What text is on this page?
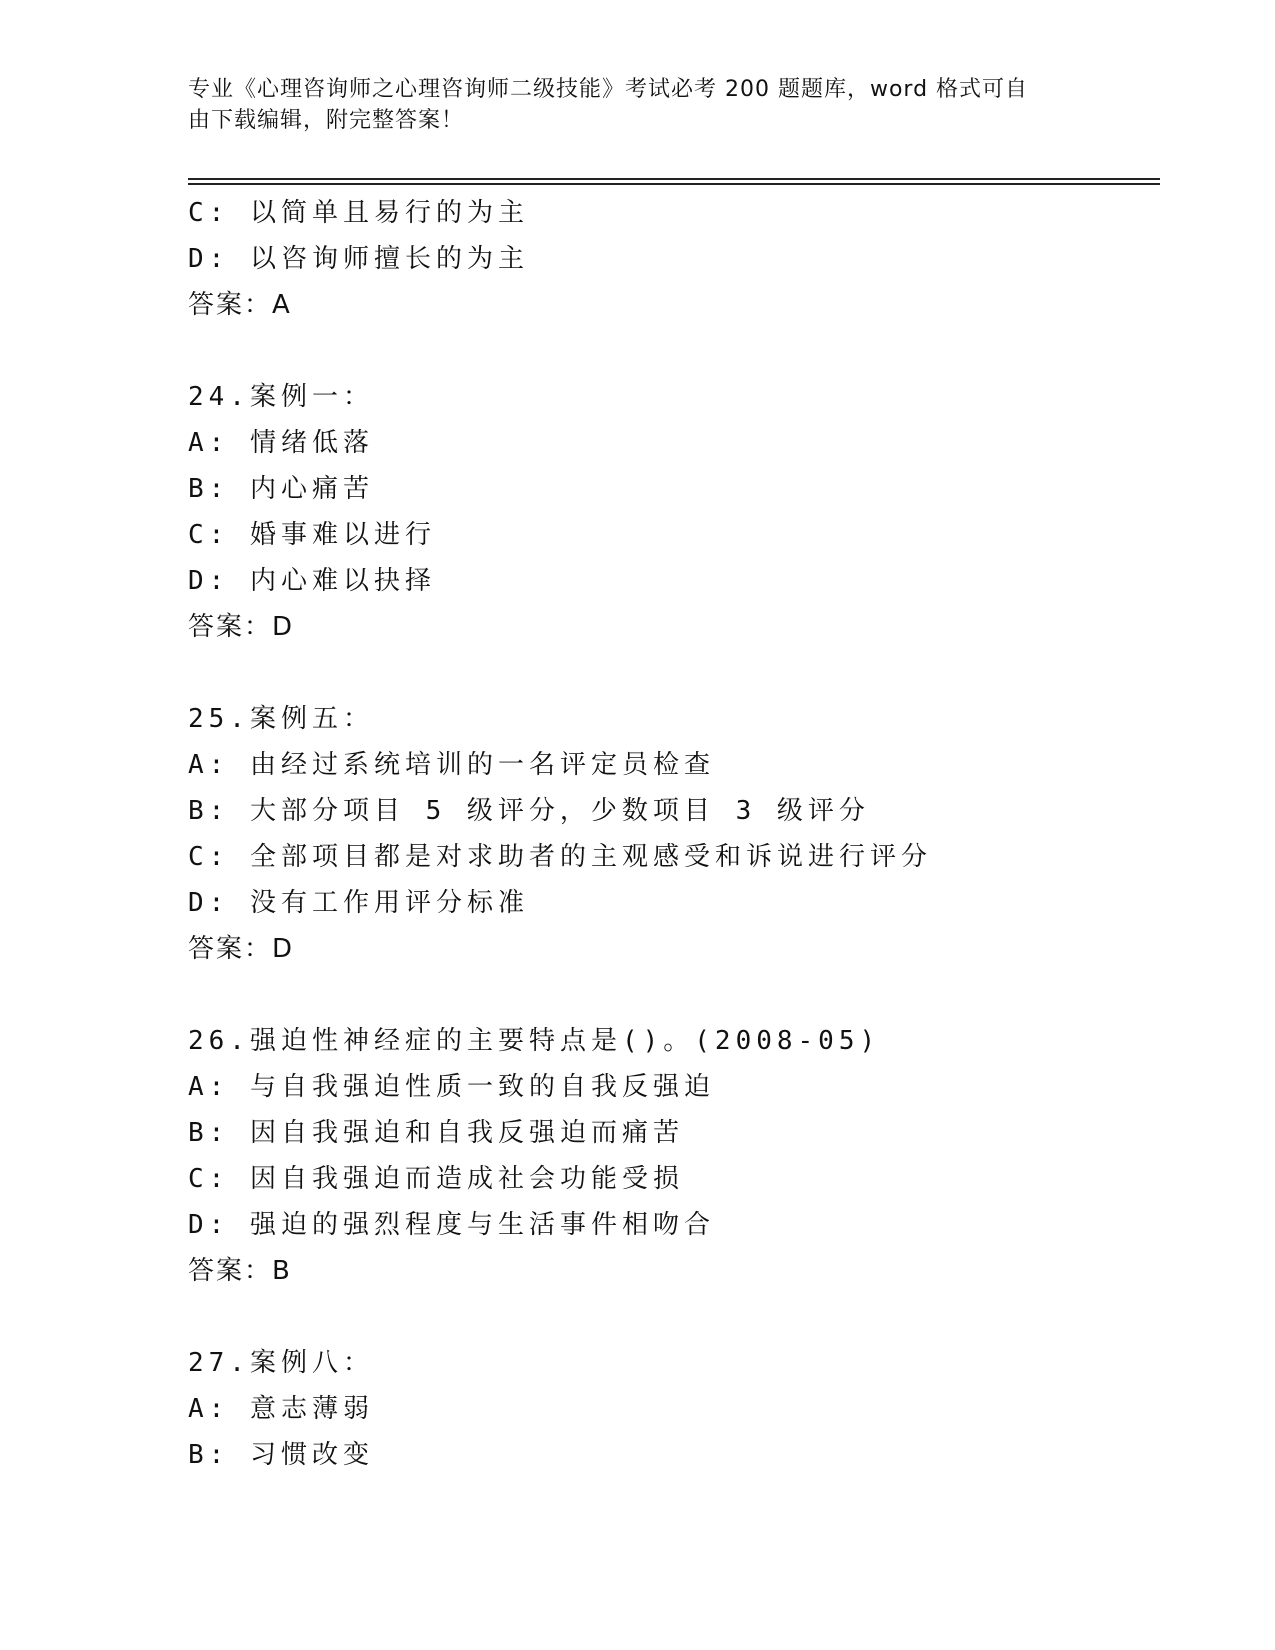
专业《心理咨询师之心理咨询师二级技能》考试必考 200 题题库，word 格式可自
由下载编辑，附完整答案！
C: 以简单且易行的为主
D: 以咨询师擅长的为主
答案：A
24.案例一：
A: 情绪低落
B: 内心痛苦
C: 婚事难以进行
D: 内心难以抉择
答案：D
25.案例五：
A: 由经过系统培训的一名评定员检查
B: 大部分项目 5 级评分，少数项目 3 级评分
C: 全部项目都是对求助者的主观感受和诉说进行评分
D: 没有工作用评分标准
答案：D
26.强迫性神经症的主要特点是()。(2008-05)
A: 与自我强迫性质一致的自我反强迫
B: 因自我强迫和自我反强迫而痛苦
C: 因自我强迫而造成社会功能受损
D: 强迫的强烈程度与生活事件相吻合
答案：B
27.案例八：
A: 意志薄弱
B: 习惯改变
